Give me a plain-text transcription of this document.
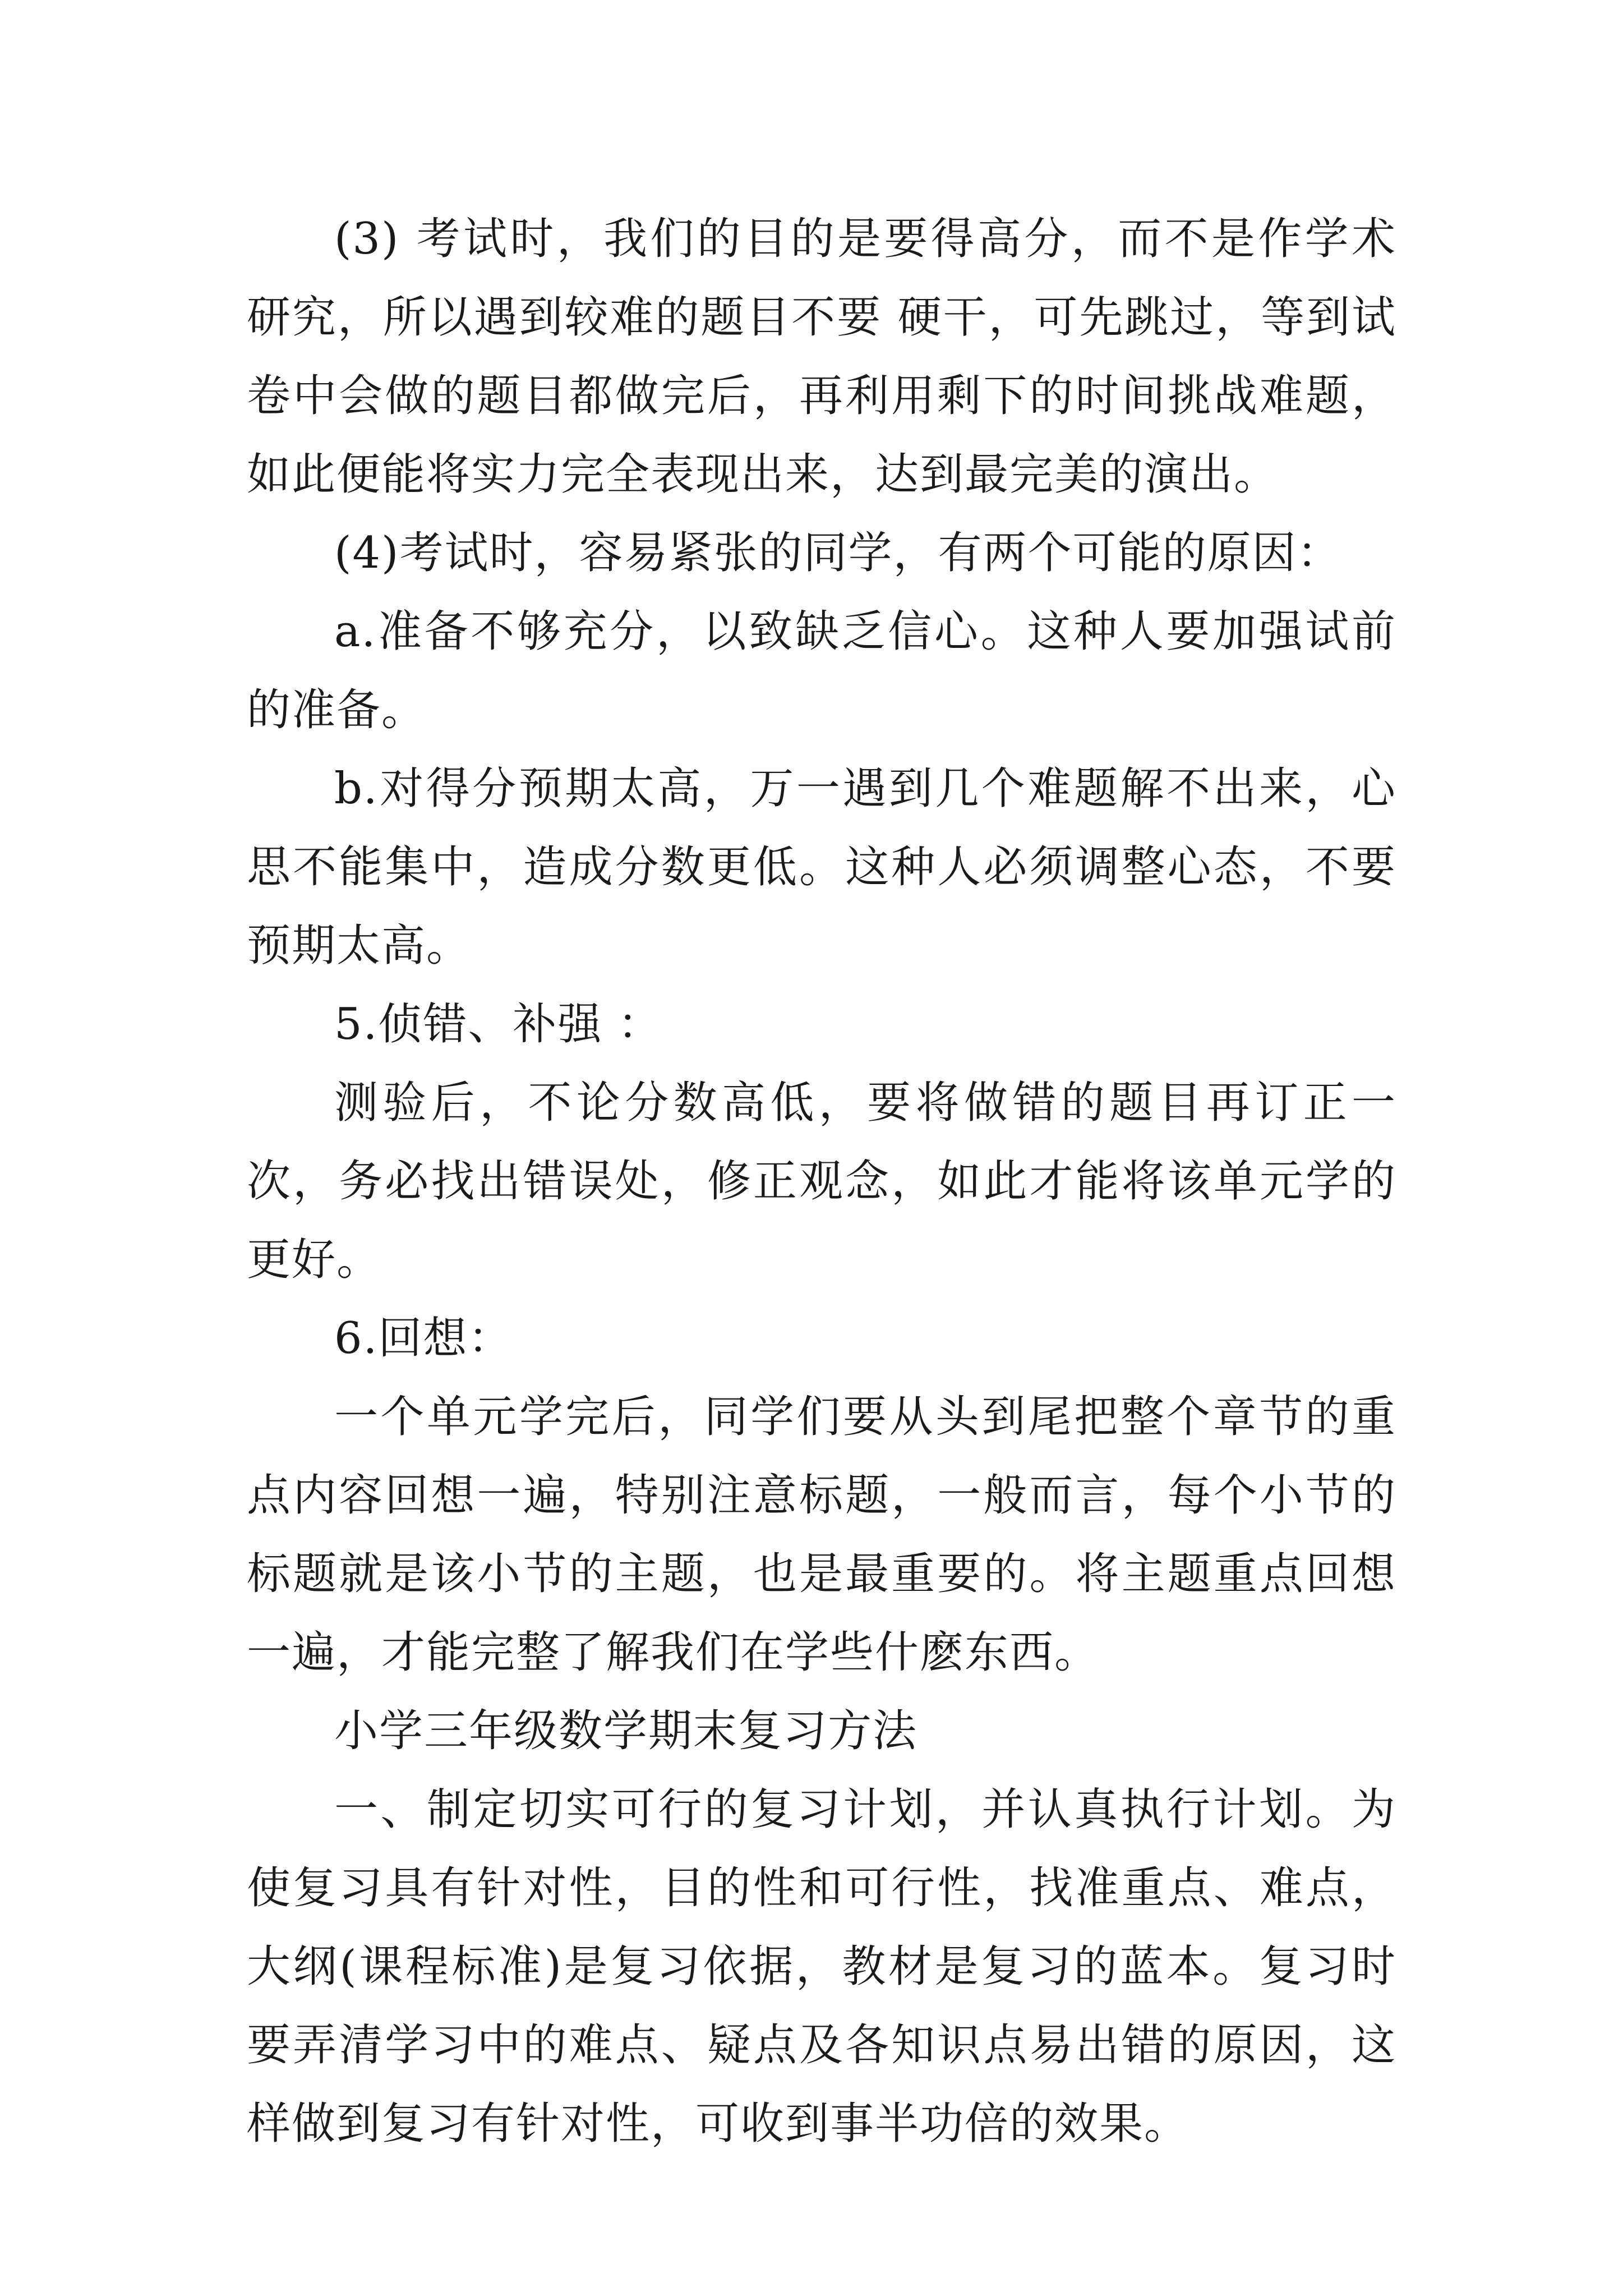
(3) 考试时，我们的目的是要得高分，而不是作学术研究，所以遇到较难的题目不要 硬干，可先跳过，等到试卷中会做的题目都做完后，再利用剩下的时间挑战难题，如此便能将实力完全表现出来，达到最完美的演出。

(4)考试时，容易紧张的同学，有两个可能的原因：

a.准备不够充分，以致缺乏信心。这种人要加强试前的准备。

b.对得分预期太高，万一遇到几个难题解不出来，心思不能集中，造成分数更低。这种人必须调整心态，不要预期太高。

5.侦错、补强 ：

测验后，不论分数高低，要将做错的题目再订正一次，务必找出错误处，修正观念，如此才能将该单元学的更好。

6.回想：

一个单元学完后，同学们要从头到尾把整个章节的重点内容回想一遍，特别注意标题，一般而言，每个小节的标题就是该小节的主题，也是最重要的。将主题重点回想一遍，才能完整了解我们在学些什麽东西。

小学三年级数学期末复习方法

一、制定切实可行的复习计划，并认真执行计划。为使复习具有针对性，目的性和可行性，找准重点、难点，大纲(课程标准)是复习依据，教材是复习的蓝本。复习时要弄清学习中的难点、疑点及各知识点易出错的原因，这样做到复习有针对性，可收到事半功倍的效果。
